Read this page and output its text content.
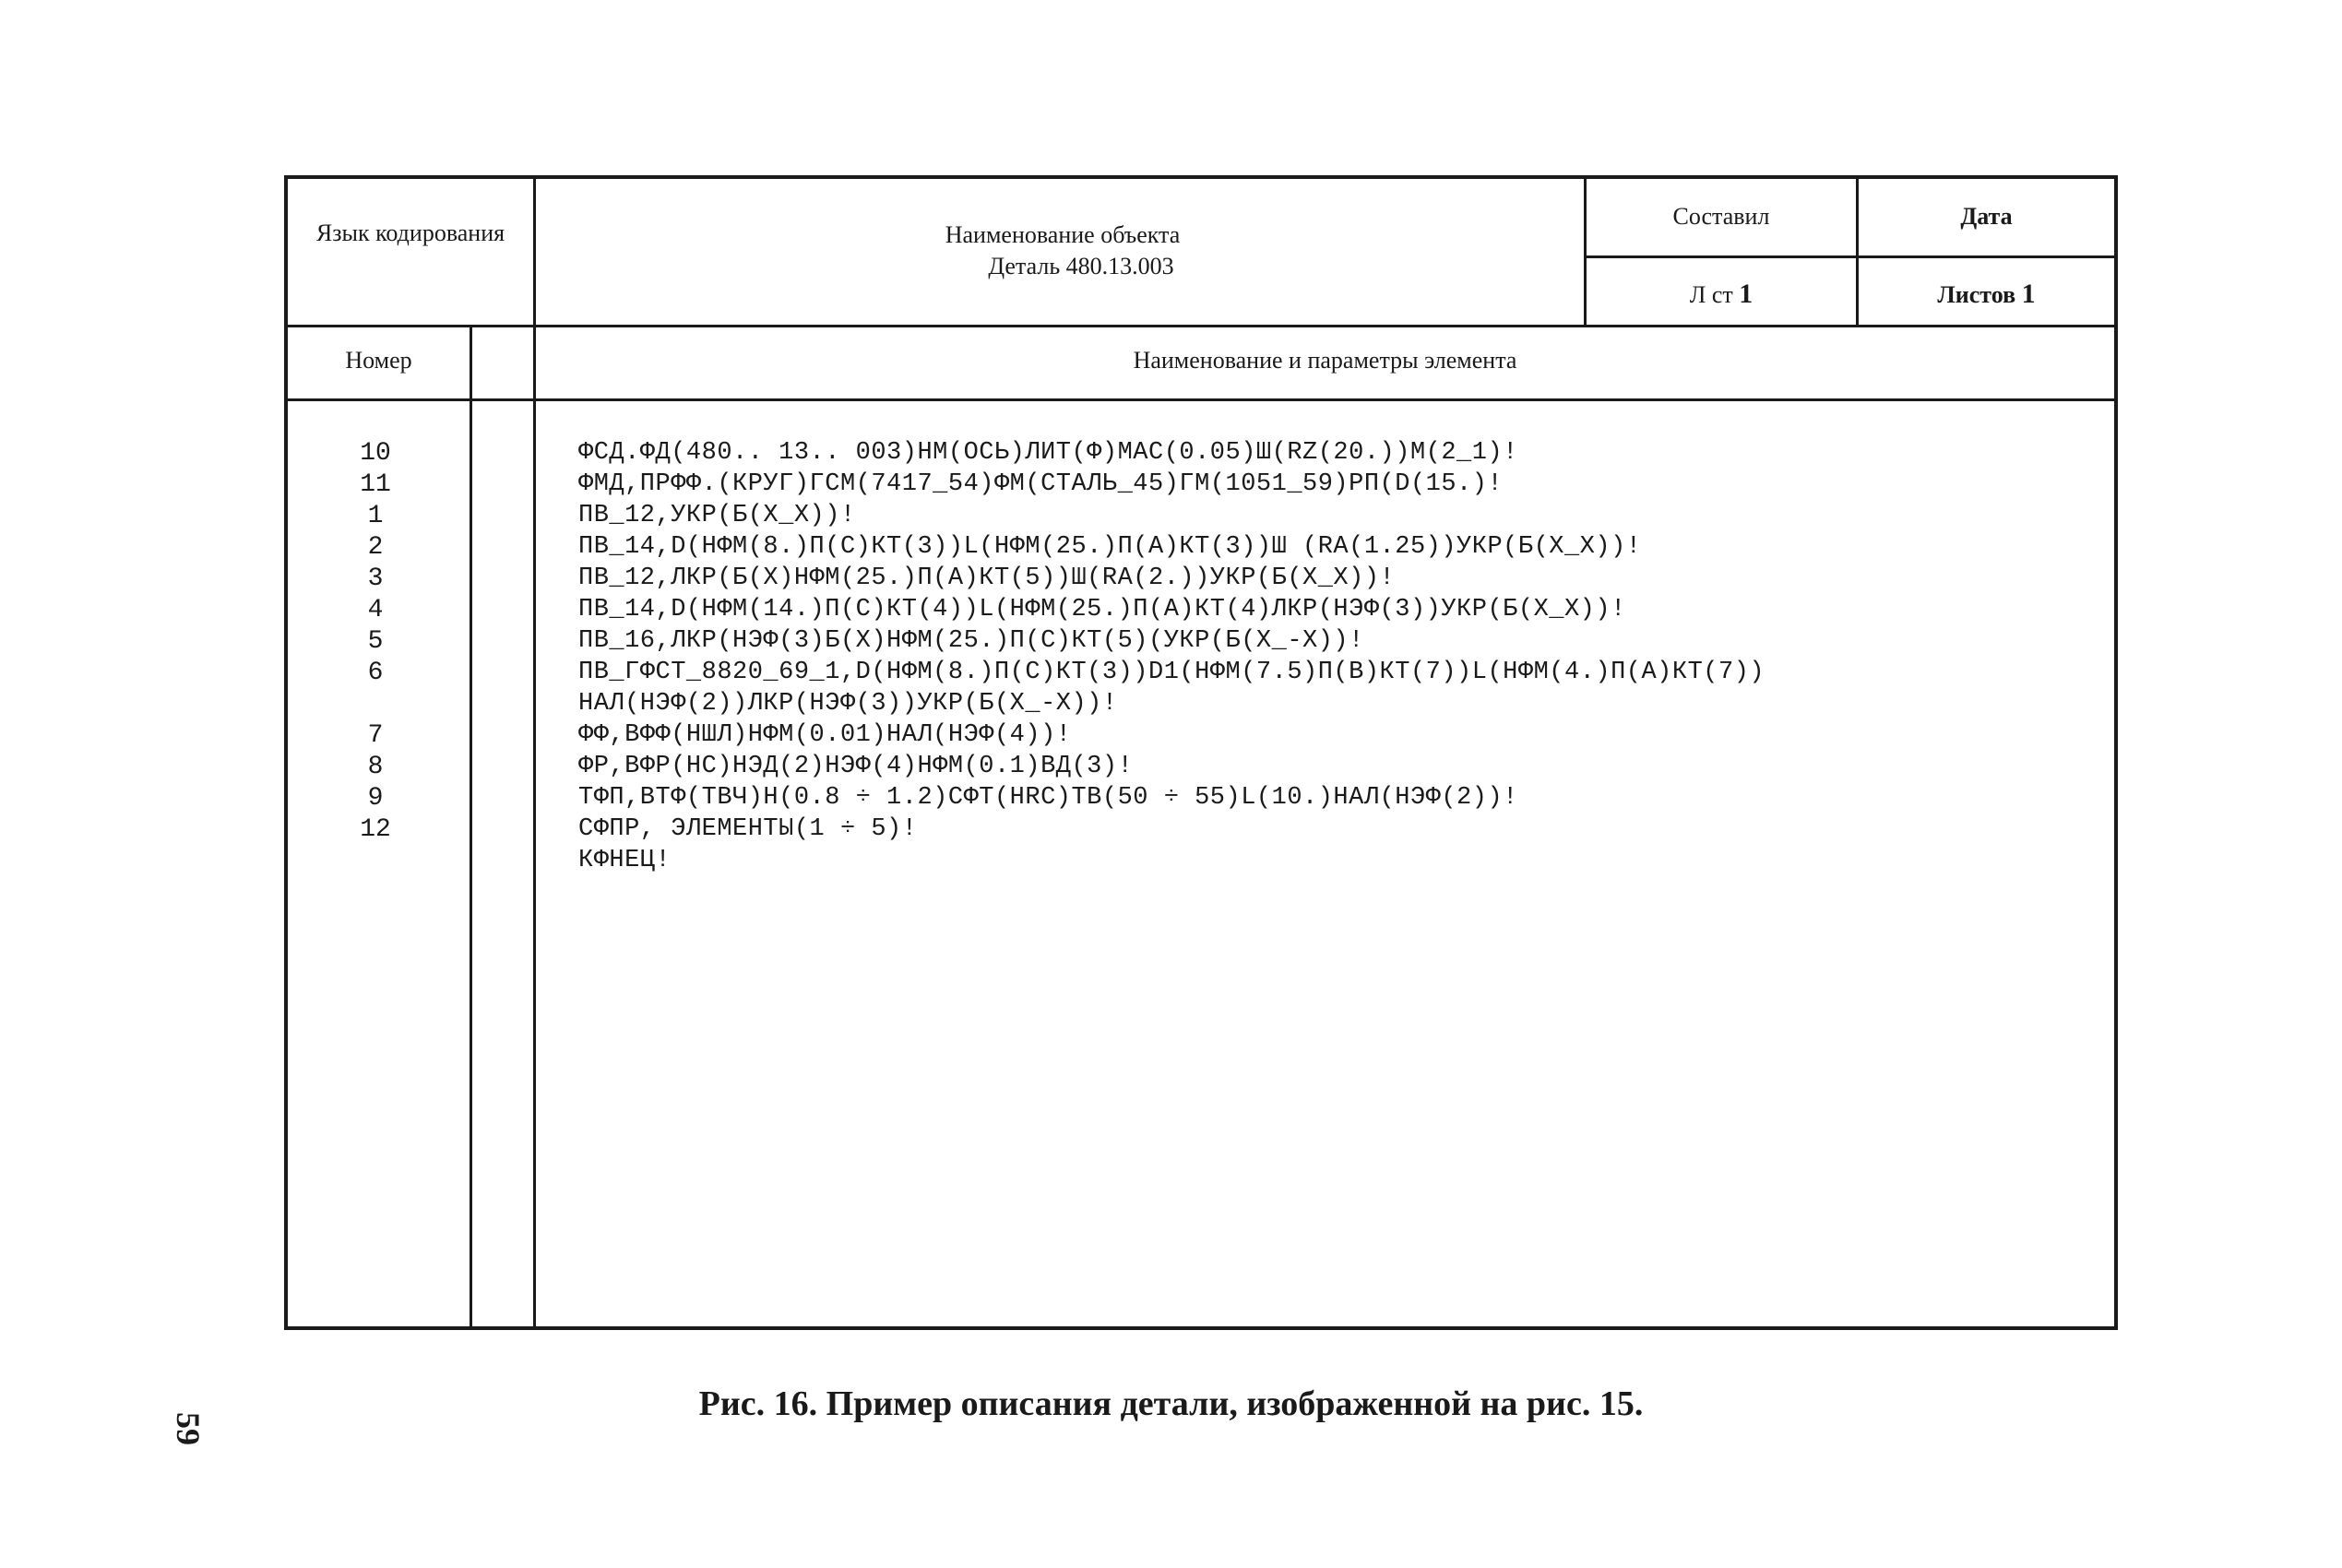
Язык кодирования	Наименование объекта
Деталь 480.13.003
Составил	Дата
Л ст 1	Листов 1
Номер	Наименование и параметры элемента
10	ФСД.ФД(480.. 13.. 003)НМ(ОСЬ)ЛИТ(Ф)МАС(0.05)Ш(RZ(20.))М(2_1)!
11	ФМД,ПРФФ.(КРУГ)ГСМ(7417_54)ФМ(СТАЛЬ_45)ГМ(1051_59)РП(D(15.)!
1	ПВ_12,УКР(Б(Х_Х))!
2	ПВ_14,D(НФМ(8.)П(С)КТ(3))L(НФМ(25.)П(А)КТ(3))Ш (RA(1.25))УКР(Б(Х_Х))!
3	ПВ_12,ЛКР(Б(Х)НФМ(25.)П(А)КТ(5))Ш(RA(2.))УКР(Б(Х_Х))!
4	ПВ_14,D(НФМ(14.)П(С)КТ(4))L(НФМ(25.)П(А)КТ(4)ЛКР(НЭФ(3))УКР(Б(Х_Х))!
5	ПВ_16,ЛКР(НЭФ(3)Б(Х)НФМ(25.)П(С)КТ(5)(УКР(Б(Х_-Х))!
6	ПВ_ГФСТ_8820_69_1,D(НФМ(8.)П(С)КТ(3))D1(НФМ(7.5)П(В)КТ(7))L(НФМ(4.)П(А)КТ(7))
НАЛ(НЭФ(2))ЛКР(НЭФ(3))УКР(Б(Х_-Х))!
7	ФФ,ВФФ(НШЛ)НФМ(0.01)НАЛ(НЭФ(4))!
8	ФР,ВФР(НС)НЭД(2)НЭФ(4)НФМ(0.1)ВД(3)!
9	ТФП,ВТФ(ТВЧ)Н(0.8 ÷ 1.2)СФТ(HRC)ТВ(50 ÷ 55)L(10.)НАЛ(НЭФ(2))!
12	СФПР, ЭЛЕМЕНТЫ(1 ÷ 5)!
КФНЕЦ!
Рис. 16. Пример описания детали, изображенной на рис. 15.
59
